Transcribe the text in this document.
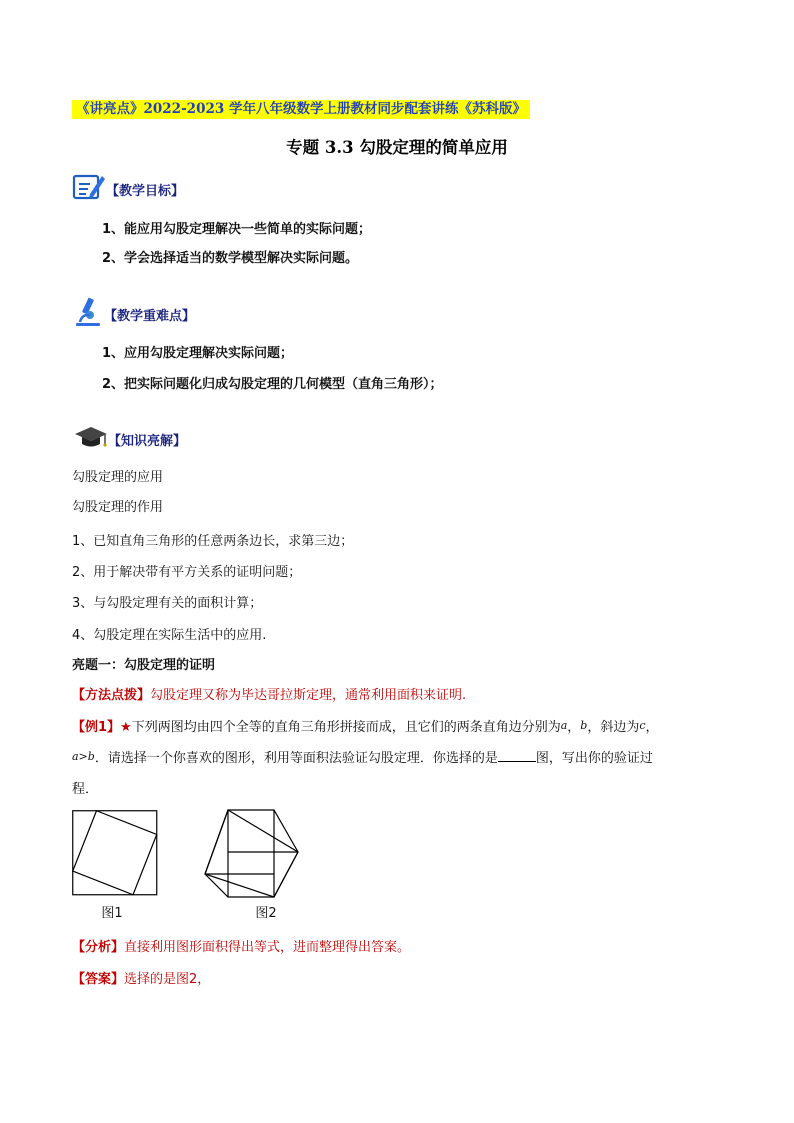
《讲亮点》2022-2023 学年八年级数学上册教材同步配套讲练《苏科版》
专题 3.3 勾股定理的简单应用
【教学目标】
1、能应用勾股定理解决一些简单的实际问题；
2、学会选择适当的数学模型解决实际问题。
【教学重难点】
1、应用勾股定理解决实际问题；
2、把实际问题化归成勾股定理的几何模型（直角三角形）；
【知识亮解】
勾股定理的应用
勾股定理的作用
1、已知直角三角形的任意两条边长，求第三边；
2、用于解决带有平方关系的证明问题；
3、与勾股定理有关的面积计算；
4、勾股定理在实际生活中的应用.
亮题一：勾股定理的证明
【方法点拨】勾股定理又称为毕达哥拉斯定理，通常利用面积来证明.
【例1】★下列两图均由四个全等的直角三角形拼接而成，且它们的两条直角边分别为a，b，斜边为c，
a>b．请选择一个你喜欢的图形，利用等面积法验证勾股定理．你选择的是	图，写出你的验证过
程．
图1	图2
【分析】直接利用图形面积得出等式，进而整理得出答案。
【答案】选择的是图2，
